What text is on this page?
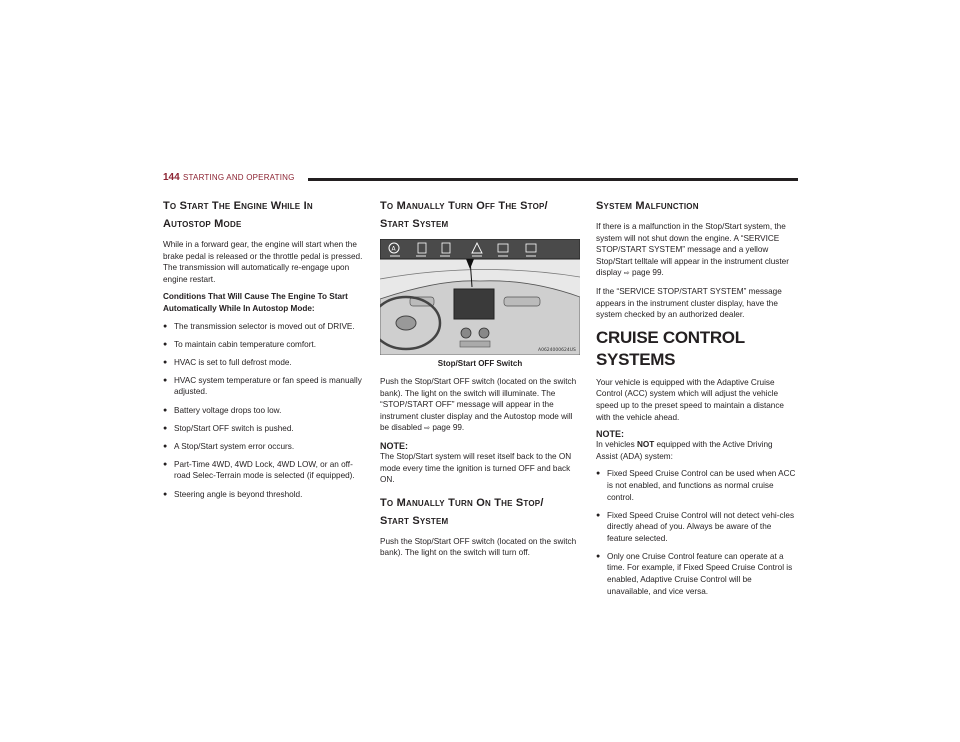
144 STARTING AND OPERATING
To Start The Engine While In
Autostop Mode

While in a forward gear, the engine will start when the brake pedal is released or the throttle pedal is pressed. The transmission will automatically re-engage upon engine restart.

Conditions That Will Cause The Engine To Start Automatically While In Autostop Mode:

● The transmission selector is moved out of DRIVE.
● To maintain cabin temperature comfort.
● HVAC is set to full defrost mode.
● HVAC system temperature or fan speed is manually adjusted.
● Battery voltage drops too low.
● Stop/Start OFF switch is pushed.
● A Stop/Start system error occurs.
● Part-Time 4WD, 4WD Lock, 4WD LOW, or an off-road Selec-Terrain mode is selected (if equipped).
● Steering angle is beyond threshold.
To Manually Turn Off The Stop/
Start System
A
A0624000624US
Stop/Start OFF Switch

Push the Stop/Start OFF switch (located on the switch bank). The light on the switch will illuminate. The “STOP/START OFF” message will appear in the instrument cluster display and the Autostop mode will be disabled ⇨ page 99.

NOTE:

The Stop/Start system will reset itself back to the ON mode every time the ignition is turned OFF and back ON.

To Manually Turn On The Stop/
Start System

Push the Stop/Start OFF switch (located on the switch bank). The light on the switch will turn off.

System Malfunction

If there is a malfunction in the Stop/Start system, the system will not shut down the engine. A “SERVICE STOP/START SYSTEM” message and a yellow Stop/Start telltale will appear in the instrument cluster display ⇨ page 99.

If the “SERVICE STOP/START SYSTEM” message appears in the instrument cluster display, have the system checked by an authorized dealer.

CRUISE CONTROL SYSTEMS

Your vehicle is equipped with the Adaptive Cruise Control (ACC) system which will adjust the vehicle speed up to the preset speed to maintain a distance with the vehicle ahead.

NOTE:

In vehicles NOT equipped with the Active Driving Assist (ADA) system:

● Fixed Speed Cruise Control can be used when ACC is not enabled, and functions as normal cruise control.
● Fixed Speed Cruise Control will not detect vehi-cles directly ahead of you. Always be aware of the feature selected.
● Only one Cruise Control feature can operate at a time. For example, if Fixed Speed Cruise Control is enabled, Adaptive Cruise Control will be unavailable, and vice versa.
